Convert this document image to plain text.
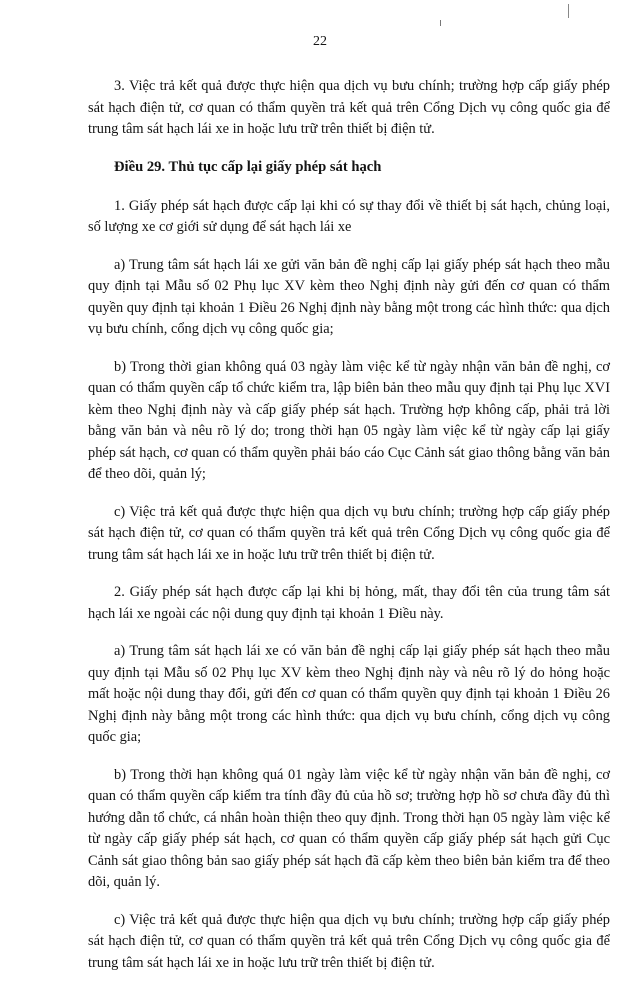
22

3. Việc trả kết quả được thực hiện qua dịch vụ bưu chính; trường hợp cấp giấy phép sát hạch điện tử, cơ quan có thẩm quyền trả kết quả trên Cổng Dịch vụ công quốc gia để trung tâm sát hạch lái xe in hoặc lưu trữ trên thiết bị điện tử.

Điều 29. Thủ tục cấp lại giấy phép sát hạch

1. Giấy phép sát hạch được cấp lại khi có sự thay đổi về thiết bị sát hạch, chủng loại, số lượng xe cơ giới sử dụng để sát hạch lái xe

a) Trung tâm sát hạch lái xe gửi văn bản đề nghị cấp lại giấy phép sát hạch theo mẫu quy định tại Mẫu số 02 Phụ lục XV kèm theo Nghị định này gửi đến cơ quan có thẩm quyền quy định tại khoản 1 Điều 26 Nghị định này bằng một trong các hình thức: qua dịch vụ bưu chính, cổng dịch vụ công quốc gia;

b) Trong thời gian không quá 03 ngày làm việc kể từ ngày nhận văn bản đề nghị, cơ quan có thẩm quyền cấp tổ chức kiểm tra, lập biên bản theo mẫu quy định tại Phụ lục XVI kèm theo Nghị định này và cấp giấy phép sát hạch. Trường hợp không cấp, phải trả lời bằng văn bản và nêu rõ lý do; trong thời hạn 05 ngày làm việc kể từ ngày cấp lại giấy phép sát hạch, cơ quan có thẩm quyền phải báo cáo Cục Cảnh sát giao thông bằng văn bản để theo dõi, quản lý;

c) Việc trả kết quả được thực hiện qua dịch vụ bưu chính; trường hợp cấp giấy phép sát hạch điện tử, cơ quan có thẩm quyền trả kết quả trên Cổng Dịch vụ công quốc gia để trung tâm sát hạch lái xe in hoặc lưu trữ trên thiết bị điện tử.

2. Giấy phép sát hạch được cấp lại khi bị hỏng, mất, thay đổi tên của trung tâm sát hạch lái xe ngoài các nội dung quy định tại khoản 1 Điều này.

a) Trung tâm sát hạch lái xe có văn bản đề nghị cấp lại giấy phép sát hạch theo mẫu quy định tại Mẫu số 02 Phụ lục XV kèm theo Nghị định này và nêu rõ lý do hỏng hoặc mất hoặc nội dung thay đổi, gửi đến cơ quan có thẩm quyền quy định tại khoản 1 Điều 26 Nghị định này bằng một trong các hình thức: qua dịch vụ bưu chính, cổng dịch vụ công quốc gia;

b) Trong thời hạn không quá 01 ngày làm việc kể từ ngày nhận văn bản đề nghị, cơ quan có thẩm quyền cấp kiểm tra tính đầy đủ của hồ sơ; trường hợp hồ sơ chưa đầy đủ thì hướng dẫn tổ chức, cá nhân hoàn thiện theo quy định. Trong thời hạn 05 ngày làm việc kể từ ngày cấp giấy phép sát hạch, cơ quan có thẩm quyền cấp giấy phép sát hạch gửi Cục Cảnh sát giao thông bản sao giấy phép sát hạch đã cấp kèm theo biên bản kiểm tra để theo dõi, quản lý.

c) Việc trả kết quả được thực hiện qua dịch vụ bưu chính; trường hợp cấp giấy phép sát hạch điện tử, cơ quan có thẩm quyền trả kết quả trên Cổng Dịch vụ công quốc gia để trung tâm sát hạch lái xe in hoặc lưu trữ trên thiết bị điện tử.
